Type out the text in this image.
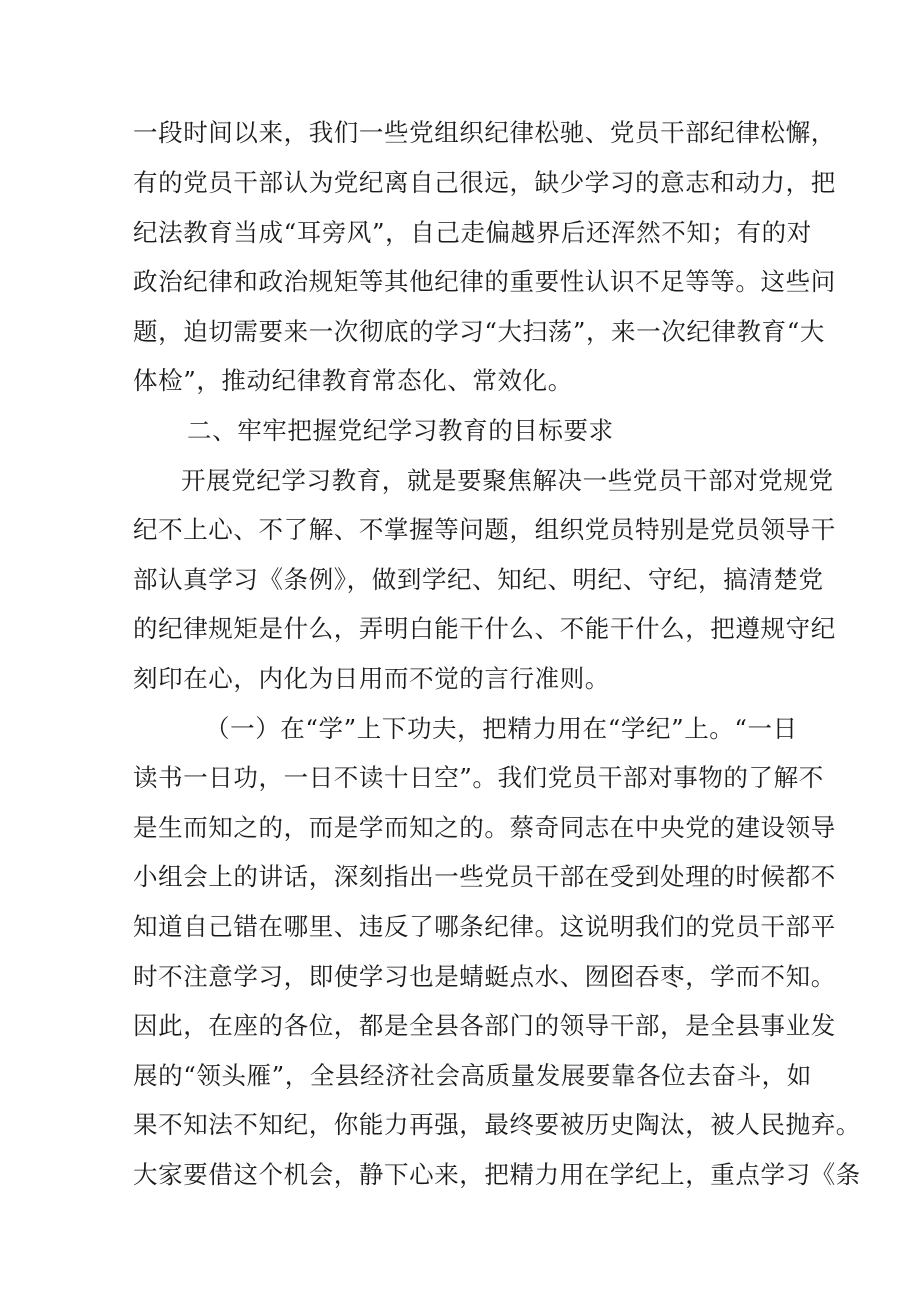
一段时间以来，我们一些党组织纪律松驰、党员干部纪律松懈，
有的党员干部认为党纪离自己很远，缺少学习的意志和动力，把
纪法教育当成“耳旁风”，自己走偏越界后还浑然不知；有的对
政治纪律和政治规矩等其他纪律的重要性认识不足等等。这些问
题，迫切需要来一次彻底的学习“大扫荡”，来一次纪律教育“大
体检”，推动纪律教育常态化、常效化。
二、牢牢把握党纪学习教育的目标要求
开展党纪学习教育，就是要聚焦解决一些党员干部对党规党
纪不上心、不了解、不掌握等问题，组织党员特别是党员领导干
部认真学习《条例》，做到学纪、知纪、明纪、守纪，搞清楚党
的纪律规矩是什么，弄明白能干什么、不能干什么，把遵规守纪
刻印在心，内化为日用而不觉的言行准则。
（一）在“学”上下功夫，把精力用在“学纪”上。“一日
读书一日功，一日不读十日空”。我们党员干部对事物的了解不
是生而知之的，而是学而知之的。蔡奇同志在中央党的建设领导
小组会上的讲话，深刻指出一些党员干部在受到处理的时候都不
知道自己错在哪里、违反了哪条纪律。这说明我们的党员干部平
时不注意学习，即使学习也是蜻蜓点水、囫囵吞枣，学而不知。
因此，在座的各位，都是全县各部门的领导干部，是全县事业发
展的“领头雁”，全县经济社会高质量发展要靠各位去奋斗，如
果不知法不知纪，你能力再强，最终要被历史陶汰，被人民抛弃。
大家要借这个机会，静下心来，把精力用在学纪上，重点学习《条
